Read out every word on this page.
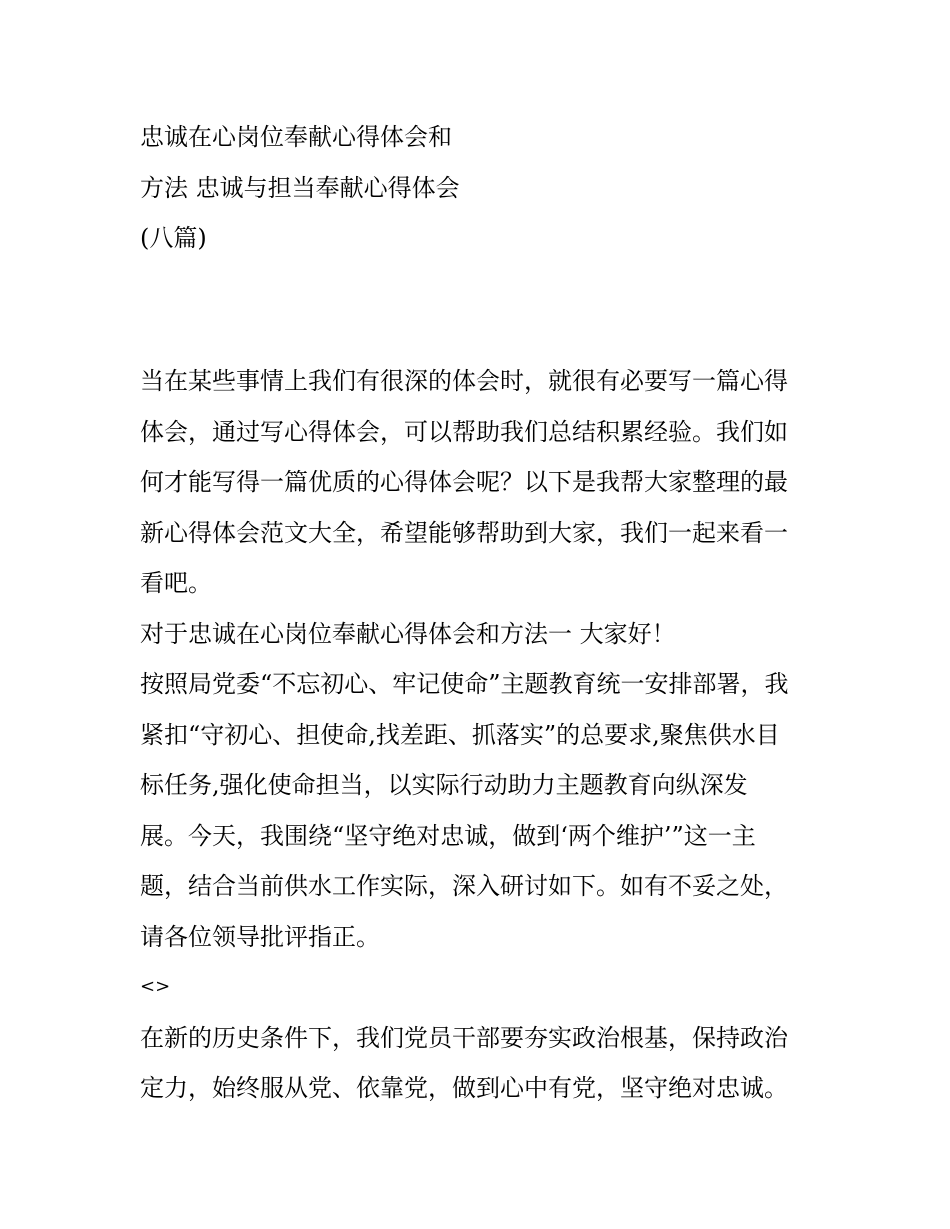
忠诚在心岗位奉献心得体会和
方法 忠诚与担当奉献心得体会
(八篇)
当在某些事情上我们有很深的体会时，就很有必要写一篇心得
体会，通过写心得体会，可以帮助我们总结积累经验。我们如
何才能写得一篇优质的心得体会呢？以下是我帮大家整理的最
新心得体会范文大全，希望能够帮助到大家，我们一起来看一
看吧。
对于忠诚在心岗位奉献心得体会和方法一 大家好！
按照局党委“不忘初心、牢记使命”主题教育统一安排部署，我
紧扣“守初心、担使命,找差距、抓落实”的总要求,聚焦供水目
标任务,强化使命担当，以实际行动助力主题教育向纵深发
展。今天，我围绕“坚守绝对忠诚，做到‘两个维护’”这一主
题，结合当前供水工作实际，深入研讨如下。如有不妥之处，
请各位领导批评指正。
<>
在新的历史条件下，我们党员干部要夯实政治根基，保持政治
定力，始终服从党、依靠党，做到心中有党，坚守绝对忠诚。
